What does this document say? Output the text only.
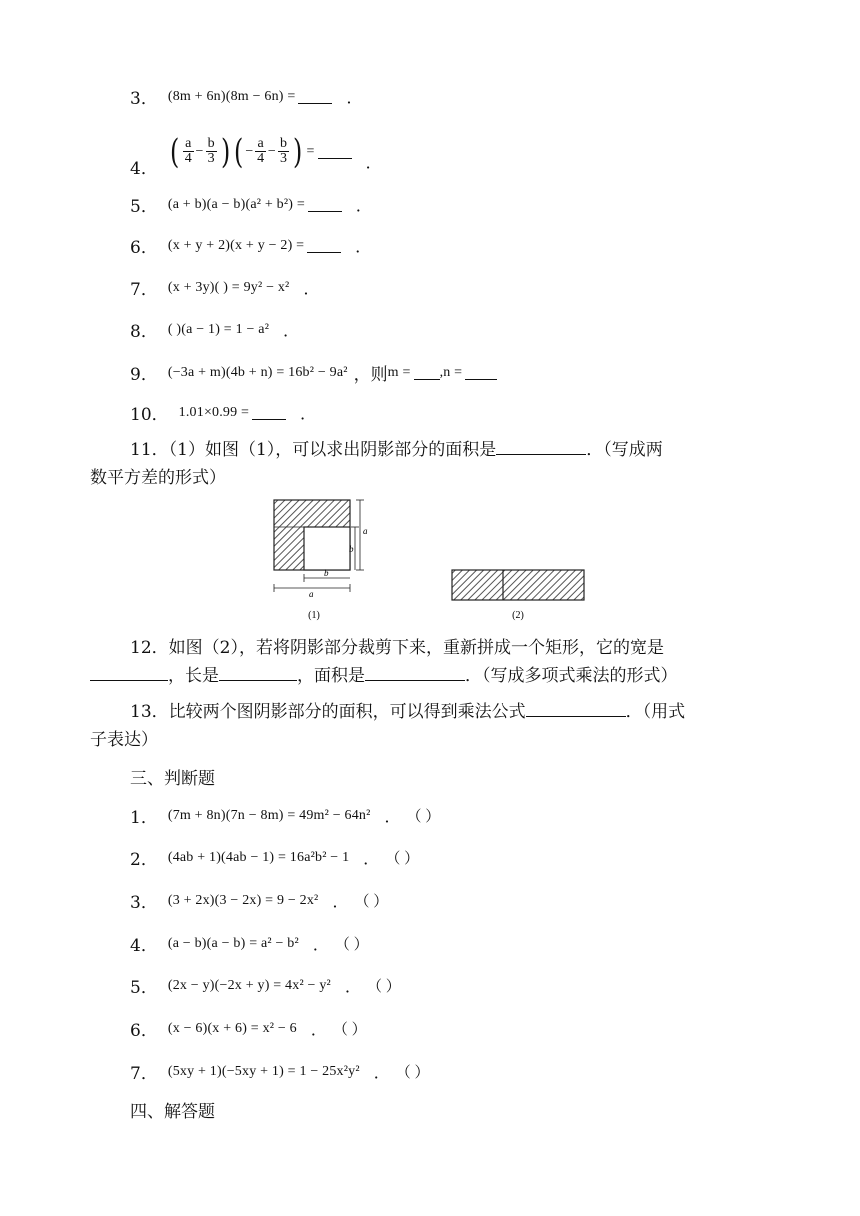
3． (8m + 6n)(8m − 6n) =	．
4． ( $\frac{a}{4} - \frac{b}{3}$ ) ( − $\frac{a}{4} - \frac{b}{3}$ ) =
．
5． (a + b)(a − b)(a² + b²) =	．
6． (x + y + 2)(x + y − 2) =	．
7． (x + 3y)( ) = 9y² − x² ．
8． ( )(a − 1) = 1 − a² ．
9． (−3a + m)(4b + n) = 16b² − 9a² ，则 m = ,n =
10． 1.01×0.99 =	．
11．（1）如图（1），可以求出阴影部分的面积是	．（写成两
数平方差的形式）
a
b
b
a
(1)	(2)
12．如图（2），若将阴影部分裁剪下来，重新拼成一个矩形，它的宽是
，长是	，面积是	．（写成多项式乘法的形式）
13．比较两个图阴影部分的面积，可以得到乘法公式	．（用式
子表达）
三、判断题
1． (7m + 8n)(7n − 8m) = 49m² − 64n² ． （ ）
2． (4ab + 1)(4ab − 1) = 16a²b² − 1 ． （ ）
3． (3 + 2x)(3 − 2x) = 9 − 2x² ． （ ）
4． (a − b)(a − b) = a² − b² ． （ ）
5． (2x − y)(−2x + y) = 4x² − y² ． （ ）
6． (x − 6)(x + 6) = x² − 6 ． （ ）
7． (5xy + 1)(−5xy + 1) = 1 − 25x²y² ． （ ）
四、解答题
